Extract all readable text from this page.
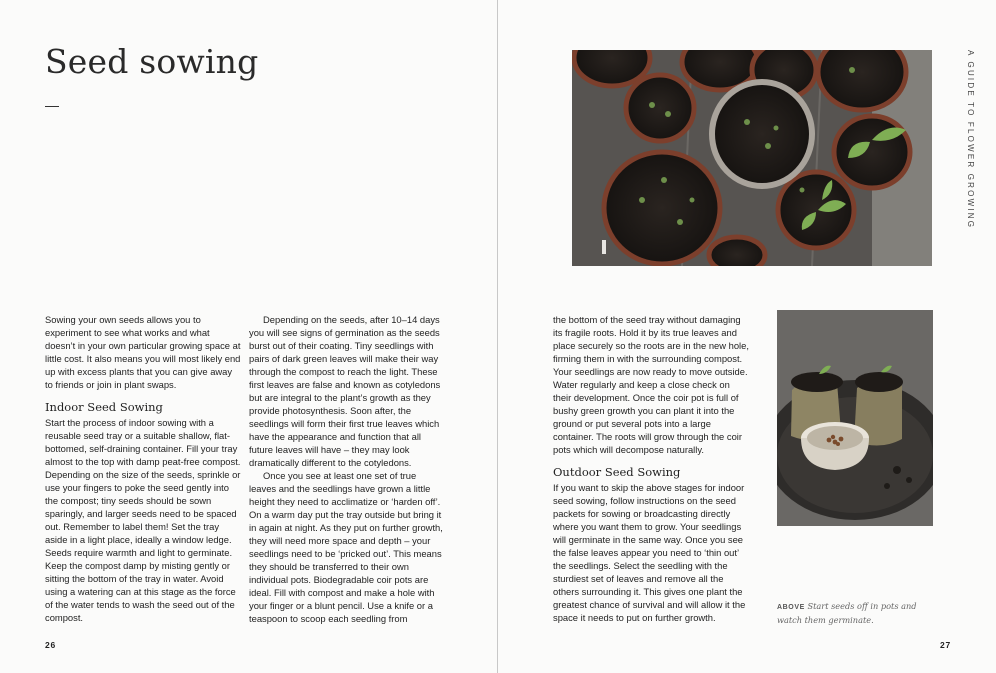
Seed sowing

Sowing your own seeds allows you to experiment to see what works and what doesn’t in your own particular growing space at little cost. It also means you will most likely end up with excess plants that you can give away to friends or join in plant swaps.

Indoor Seed Sowing

Start the process of indoor sowing with a reusable seed tray or a suitable shallow, flat-bottomed, self-draining container. Fill your tray almost to the top with damp peat-free compost. Depending on the size of the seeds, sprinkle or use your fingers to poke the seed gently into the compost; tiny seeds should be sown sparingly, and larger seeds need to be spaced out. Remember to label them! Set the tray aside in a light place, ideally a window ledge. Seeds require warmth and light to germinate. Keep the compost damp by misting gently or sitting the bottom of the tray in water. Avoid using a watering can at this stage as the force of the water tends to wash the seed out of the compost.

Depending on the seeds, after 10–14 days you will see signs of germination as the seeds burst out of their coating. Tiny seedlings with pairs of dark green leaves will make their way through the compost to reach the light. These first leaves are false and known as cotyledons but are integral to the plant’s growth as they provide photosynthesis. Soon after, the seedlings will form their first true leaves which have the appearance and function that all future leaves will have – they may look dramatically different to the cotyledons.

Once you see at least one set of true leaves and the seedlings have grown a little height they need to acclimatize or ‘harden off’. On a warm day put the tray outside but bring it in again at night. As they put on further growth, they will need more space and depth – your seedlings need to be ‘pricked out’. This means they should be transferred to their own individual pots. Biodegradable coir pots are ideal. Fill with compost and make a hole with your finger or a blunt pencil. Use a knife or a teaspoon to scoop each seedling from

the bottom of the seed tray without damaging its fragile roots. Hold it by its true leaves and place securely so the roots are in the new hole, firming them in with the surrounding compost. Your seedlings are now ready to move outside. Water regularly and keep a close check on their development. Once the coir pot is full of bushy green growth you can plant it into the ground or put several pots into a large container. The roots will grow through the coir pots which will decompose naturally.

Outdoor Seed Sowing

If you want to skip the above stages for indoor seed sowing, follow instructions on the seed packets for sowing or broadcasting directly where you want them to grow. Your seedlings will germinate in the same way. Once you see the false leaves appear you need to ‘thin out’ the seedlings. Select the seedling with the sturdiest set of leaves and remove all the others surrounding it. This gives one plant the greatest chance of survival and will allow it the space it needs to put on further growth.

A GUIDE TO FLOWER GROWING
ABOVE Start seeds off in pots and watch them germinate.
26	27
